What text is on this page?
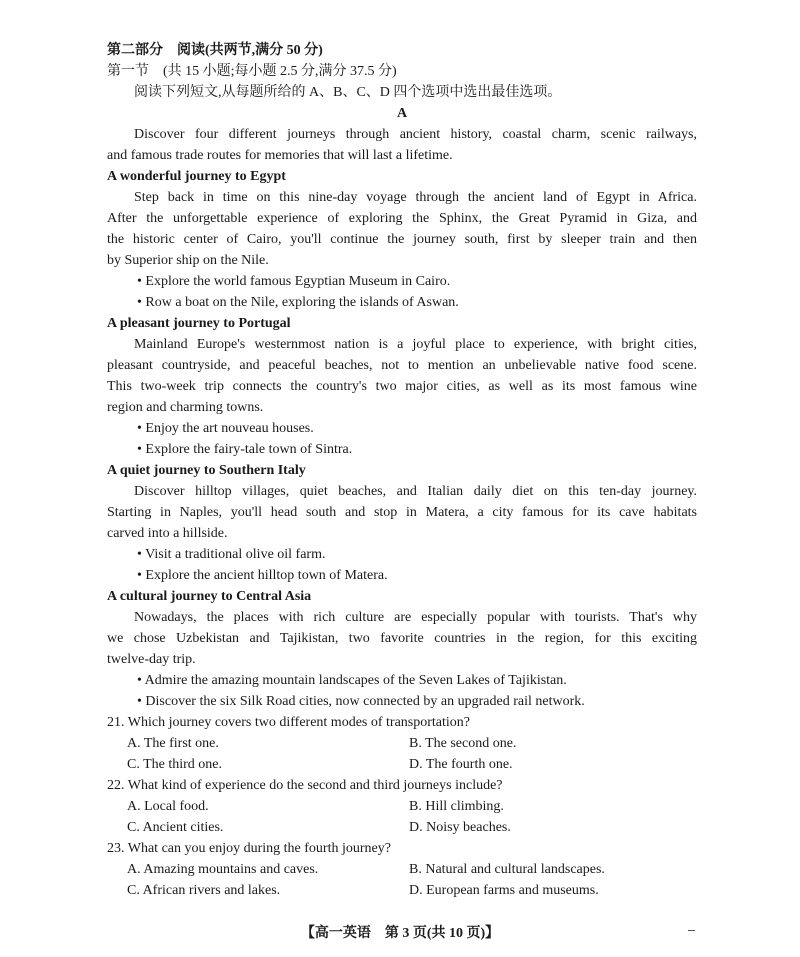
第二部分　阅读(共两节,满分 50 分)
第一节　(共 15 小题;每小题 2.5 分,满分 37.5 分)
阅读下列短文,从每题所给的 A、B、C、D 四个选项中选出最佳选项。
A
Discover four different journeys through ancient history, coastal charm, scenic railways,
and famous trade routes for memories that will last a lifetime.
A wonderful journey to Egypt
Step back in time on this nine-day voyage through the ancient land of Egypt in Africa.
After the unforgettable experience of exploring the Sphinx, the Great Pyramid in Giza, and
the historic center of Cairo, you'll continue the journey south, first by sleeper train and then
by Superior ship on the Nile.
• Explore the world famous Egyptian Museum in Cairo.
• Row a boat on the Nile, exploring the islands of Aswan.
A pleasant journey to Portugal
Mainland Europe's westernmost nation is a joyful place to experience, with bright cities,
pleasant countryside, and peaceful beaches, not to mention an unbelievable native food scene.
This two-week trip connects the country's two major cities, as well as its most famous wine
region and charming towns.
• Enjoy the art nouveau houses.
• Explore the fairy-tale town of Sintra.
A quiet journey to Southern Italy
Discover hilltop villages, quiet beaches, and Italian daily diet on this ten-day journey.
Starting in Naples, you'll head south and stop in Matera, a city famous for its cave habitats
carved into a hillside.
• Visit a traditional olive oil farm.
• Explore the ancient hilltop town of Matera.
A cultural journey to Central Asia
Nowadays, the places with rich culture are especially popular with tourists. That's why
we chose Uzbekistan and Tajikistan, two favorite countries in the region, for this exciting
twelve-day trip.
• Admire the amazing mountain landscapes of the Seven Lakes of Tajikistan.
• Discover the six Silk Road cities, now connected by an upgraded rail network.
21. Which journey covers two different modes of transportation?
A. The first one.	B. The second one.
C. The third one.	D. The fourth one.
22. What kind of experience do the second and third journeys include?
A. Local food.	B. Hill climbing.
C. Ancient cities.	D. Noisy beaches.
23. What can you enjoy during the fourth journey?
A. Amazing mountains and caves.	B. Natural and cultural landscapes.
C. African rivers and lakes.	D. European farms and museums.
【高一英语　第 3 页(共 10 页)】
